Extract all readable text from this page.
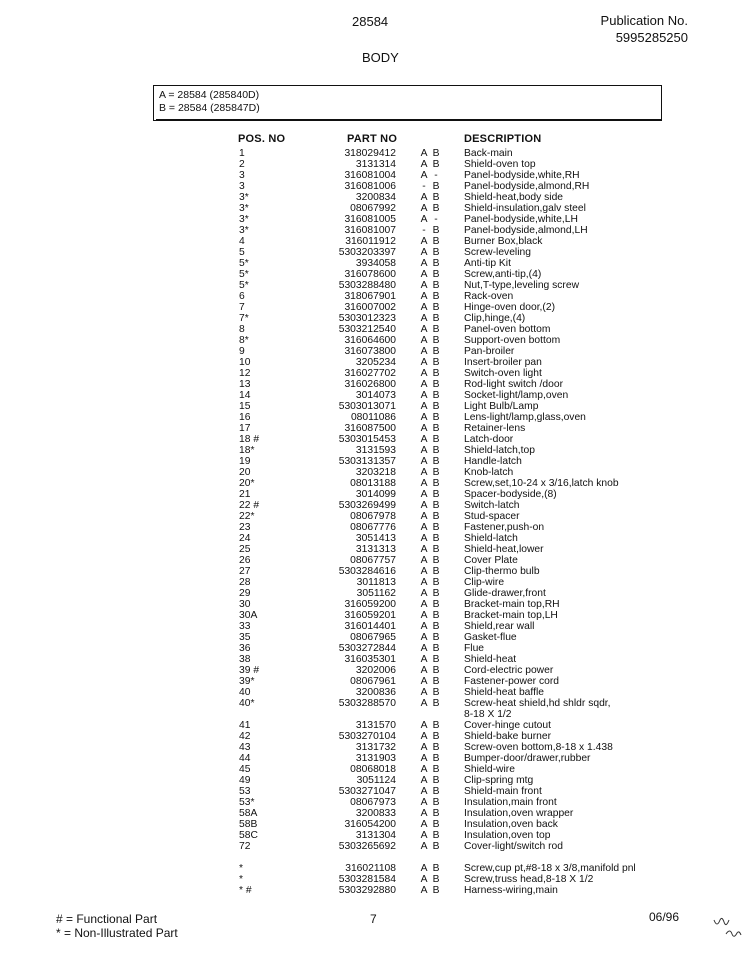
28584	Publication No.
5995285250
BODY
A = 28584 (285840D)
B = 28584 (285847D)
POS. NO	PART NO	DESCRIPTION
1	318029412 A B Back-main
2	3131314 A B Shield-oven top
3	316081004 A -	Panel-bodyside,white,RH
3	316081006	- B Panel-bodyside,almond,RH
3*	3200834 A B Shield-heat,body side
3*	08067992 A B Shield-insulation,galv steel
3*	316081005 A -	Panel-bodyside,white,LH
3*	316081007	- B Panel-bodyside,almond,LH
4	316011912 A B Burner Box,black
5	5303203397 A B Screw-leveling
5*	3934058 A B Anti-tip Kit
5*	316078600 A B Screw,anti-tip,(4)
5*	5303288480 A B Nut,T-type,leveling screw
6	318067901 A B Rack-oven
7	316007002 A B Hinge-oven door,(2)
7*	5303012323 A B Clip,hinge,(4)
8	5303212540 A B Panel-oven bottom
8*	316064600 A B Support-oven bottom
9	316073800 A B Pan-broiler
10	3205234 A B Insert-broiler pan
12	316027702 A B Switch-oven light
13	316026800 A B Rod-light switch /door
14	3014073 A B Socket-light/lamp,oven
15	5303013071 A B Light Bulb/Lamp
16	08011086 A B Lens-light/lamp,glass,oven
17	316087500 A B Retainer-lens
18 #	5303015453 A B Latch-door
18*	3131593 A B Shield-latch,top
19	5303131357 A B Handle-latch
20	3203218 A B Knob-latch
20*	08013188 A B Screw,set,10-24 x 3/16,latch knob
21	3014099 A B Spacer-bodyside,(8)
22 #	5303269499 A B Switch-latch
22*	08067978 A B Stud-spacer
23	08067776 A B Fastener,push-on
24	3051413 A B Shield-latch
25	3131313 A B Shield-heat,lower
26	08067757 A B Cover Plate
27	5303284616 A B Clip-thermo bulb
28	3011813 A B Clip-wire
29	3051162 A B Glide-drawer,front
30	316059200 A B Bracket-main top,RH
30A	316059201 A B Bracket-main top,LH
33	316014401 A B Shield,rear wall
35	08067965 A B Gasket-flue
36	5303272844 A B Flue
38	316035301 A B Shield-heat
39 #	3202006 A B Cord-electric power
39*	08067961 A B Fastener-power cord
40	3200836 A B Shield-heat baffle
40*	5303288570 A B Screw-heat shield,hd shldr sqdr,
8-18 X 1/2
41	3131570 A B Cover-hinge cutout
42	5303270104 A B Shield-bake burner
43	3131732 A B Screw-oven bottom,8-18 x 1.438
44	3131903 A B Bumper-door/drawer,rubber
45	08068018 A B Shield-wire
49	3051124 A B Clip-spring mtg
53	5303271047 A B Shield-main front
53*	08067973 A B Insulation,main front
58A	3200833 A B Insulation,oven wrapper
58B	316054200 A B Insulation,oven back
58C	3131304 A B Insulation,oven top
72	5303265692 A B Cover-light/switch rod
*	316021108 A B Screw,cup pt,#8-18 x 3/8,manifold pnl
*	5303281584 A B Screw,truss head,8-18 X 1/2
* #	5303292880 A B Harness-wiring,main
# = Functional Part
* = Non-Illustrated Part
7	06/96
